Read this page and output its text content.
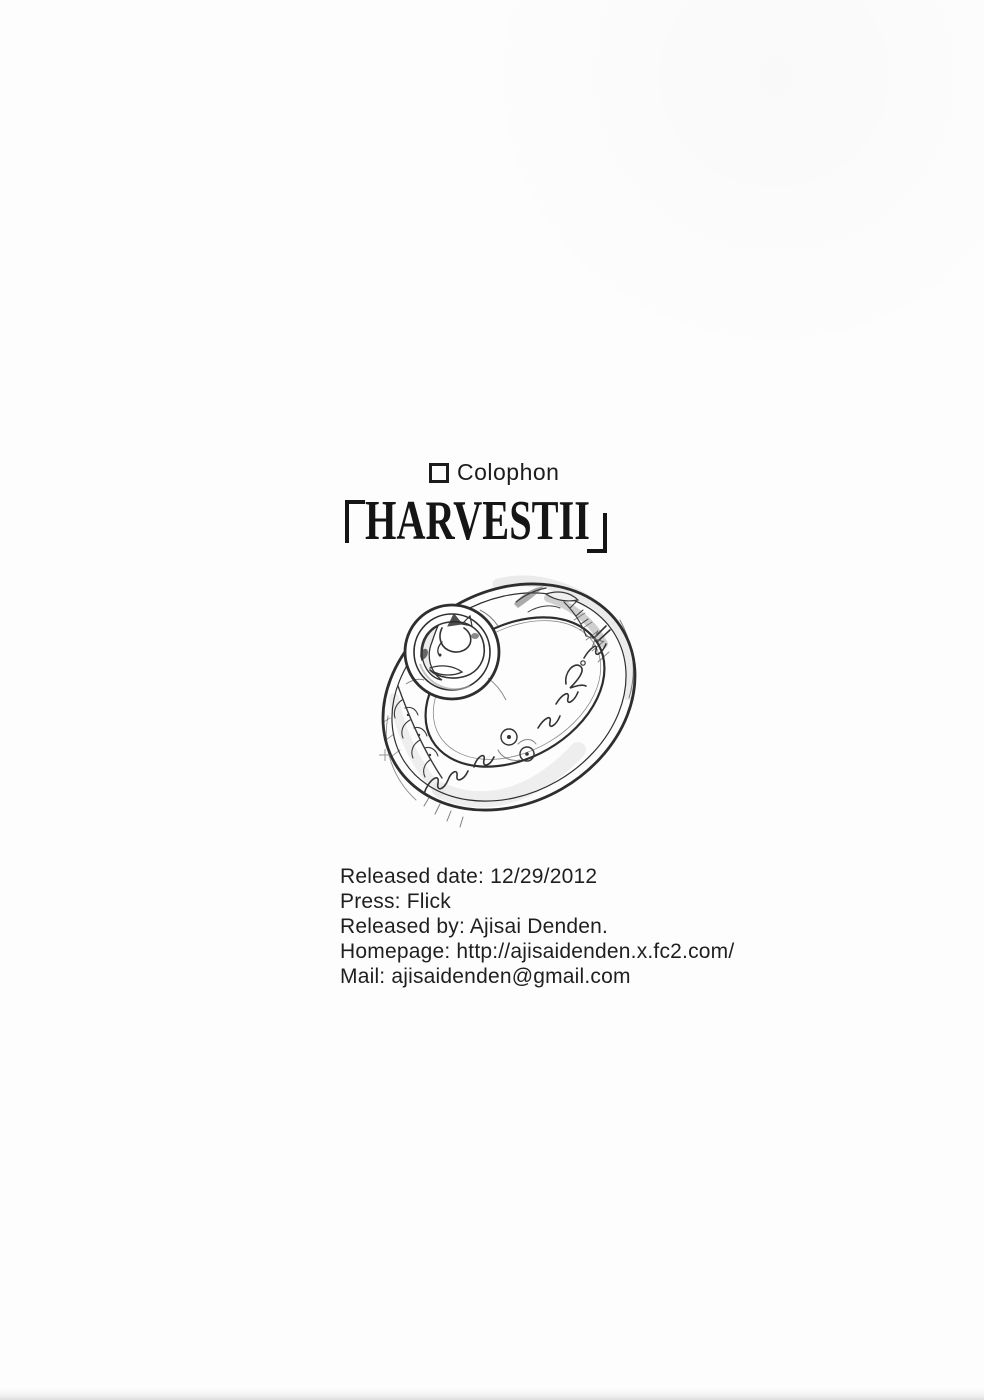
Colophon
HARVESTII
Released date: 12/29/2012
Press: Flick
Released by: Ajisai Denden.
Homepage: http://ajisaidenden.x.fc2.com/
Mail: ajisaidenden@gmail.com
